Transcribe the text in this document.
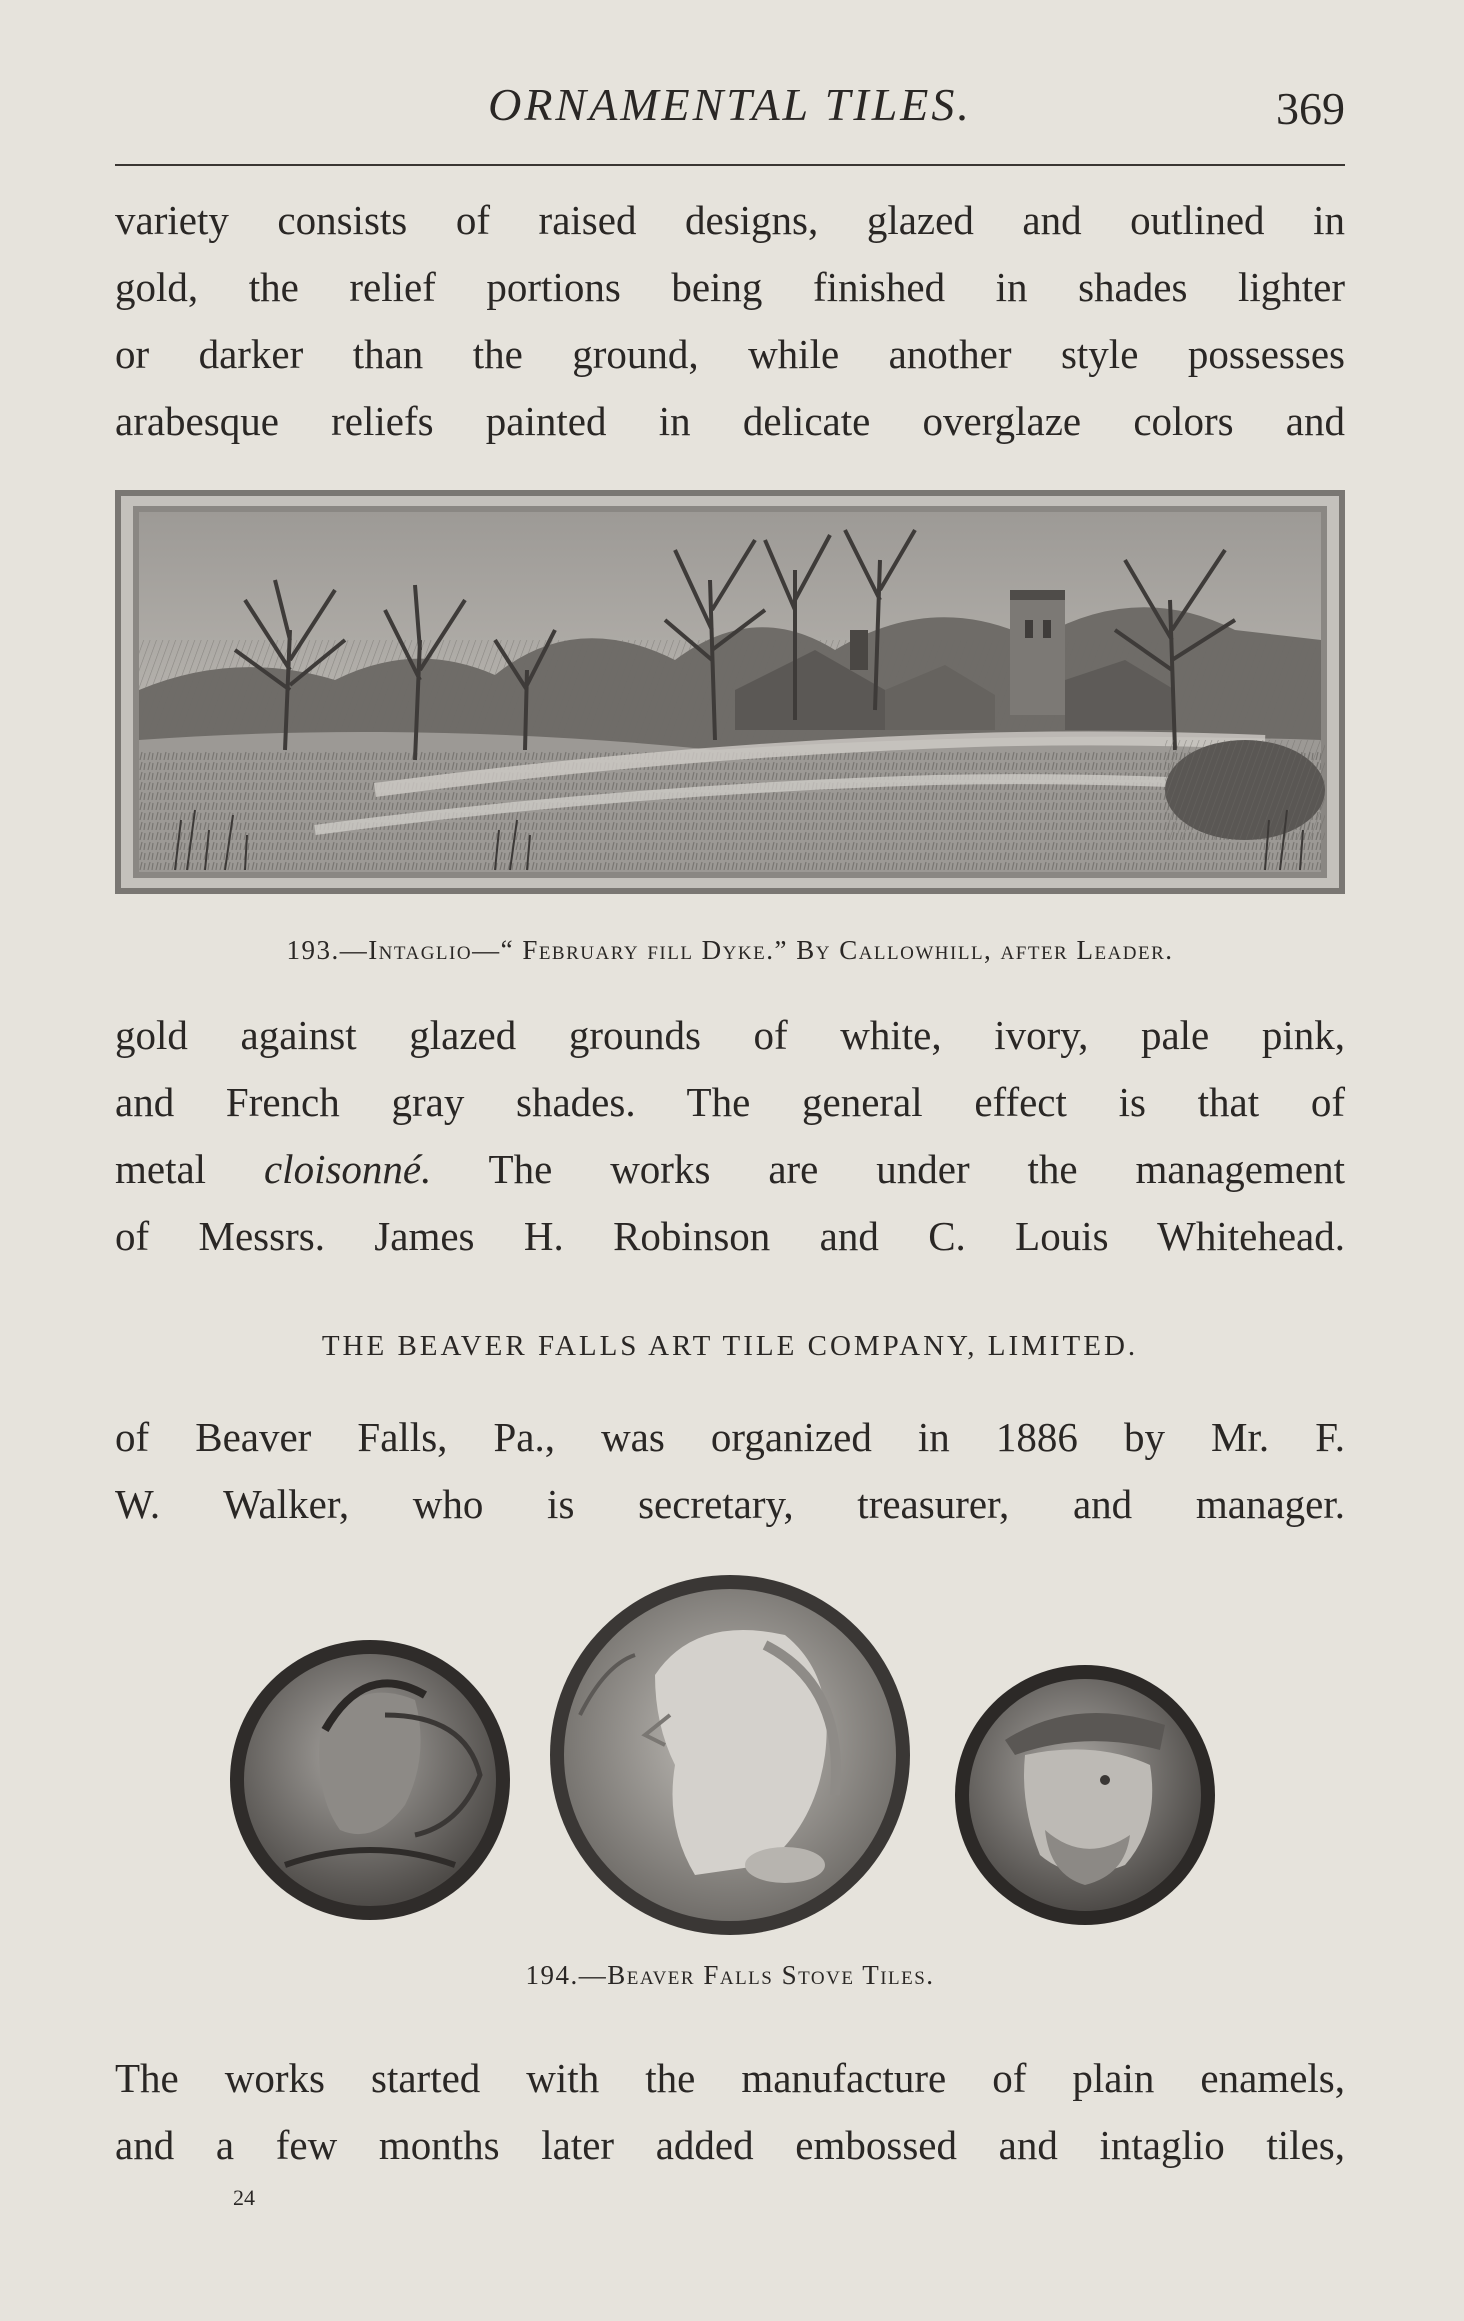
ORNAMENTAL TILES.	369
variety consists of raised designs, glazed and outlined in
gold, the relief portions being finished in shades lighter
or darker than the ground, while another style possesses
arabesque reliefs painted in delicate overglaze colors and
193.—Intaglio—“ February fill Dyke.” By Callowhill, after Leader.
gold against glazed grounds of white, ivory, pale pink,
and French gray shades. The general effect is that of
metal cloisonné. The works are under the management
of Messrs. James H. Robinson and C. Louis Whitehead.
THE BEAVER FALLS ART TILE COMPANY, LIMITED.
of Beaver Falls, Pa., was organized in 1886 by Mr. F.
W. Walker, who is secretary, treasurer, and manager.
194.—Beaver Falls Stove Tiles.
The works started with the manufacture of plain enamels,
and a few months later added embossed and intaglio tiles,
24
